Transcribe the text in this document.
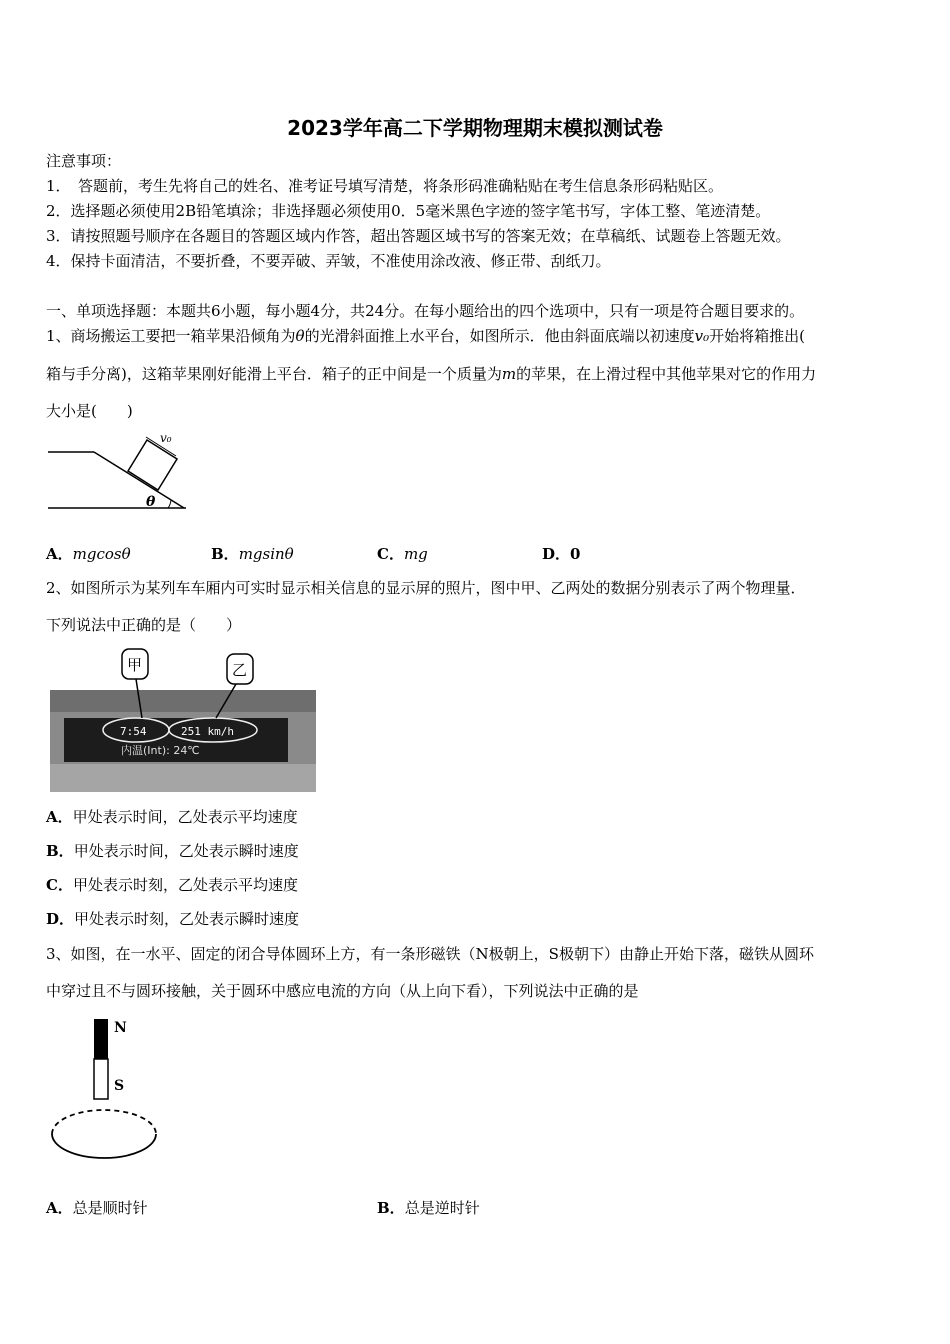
2023学年高二下学期物理期末模拟测试卷
注意事项：
1．　答题前，考生先将自己的姓名、准考证号填写清楚，将条形码准确粘贴在考生信息条形码粘贴区。
2．选择题必须使用2B铅笔填涂；非选择题必须使用0．5毫米黑色字迹的签字笔书写，字体工整、笔迹清楚。
3．请按照题号顺序在各题目的答题区域内作答，超出答题区域书写的答案无效；在草稿纸、试题卷上答题无效。
4．保持卡面清洁，不要折叠，不要弄破、弄皱，不准使用涂改液、修正带、刮纸刀。
一、单项选择题：本题共6小题，每小题4分，共24分。在每小题给出的四个选项中，只有一项是符合题目要求的。
1、商场搬运工要把一箱苹果沿倾角为θ的光滑斜面推上水平台，如图所示．他由斜面底端以初速度v₀开始将箱推出(
箱与手分离)，这箱苹果刚好能滑上平台．箱子的正中间是一个质量为m的苹果，在上滑过程中其他苹果对它的作用力
大小是(　　)
v₀
θ
A．mgcosθ	B．mgsinθ	C．mg	D．0
2、如图所示为某列车车厢内可实时显示相关信息的显示屏的照片，图中甲、乙两处的数据分别表示了两个物理量．
下列说法中正确的是（　　）
7:54	251 km/h
内温(Int): 24℃
甲	乙
A．甲处表示时间，乙处表示平均速度
B．甲处表示时间，乙处表示瞬时速度
C．甲处表示时刻，乙处表示平均速度
D．甲处表示时刻，乙处表示瞬时速度
3、如图，在一水平、固定的闭合导体圆环上方，有一条形磁铁（N极朝上，S极朝下）由静止开始下落，磁铁从圆环
中穿过且不与圆环接触，关于圆环中感应电流的方向（从上向下看），下列说法中正确的是
N
S
A．总是顺时针	B．总是逆时针
